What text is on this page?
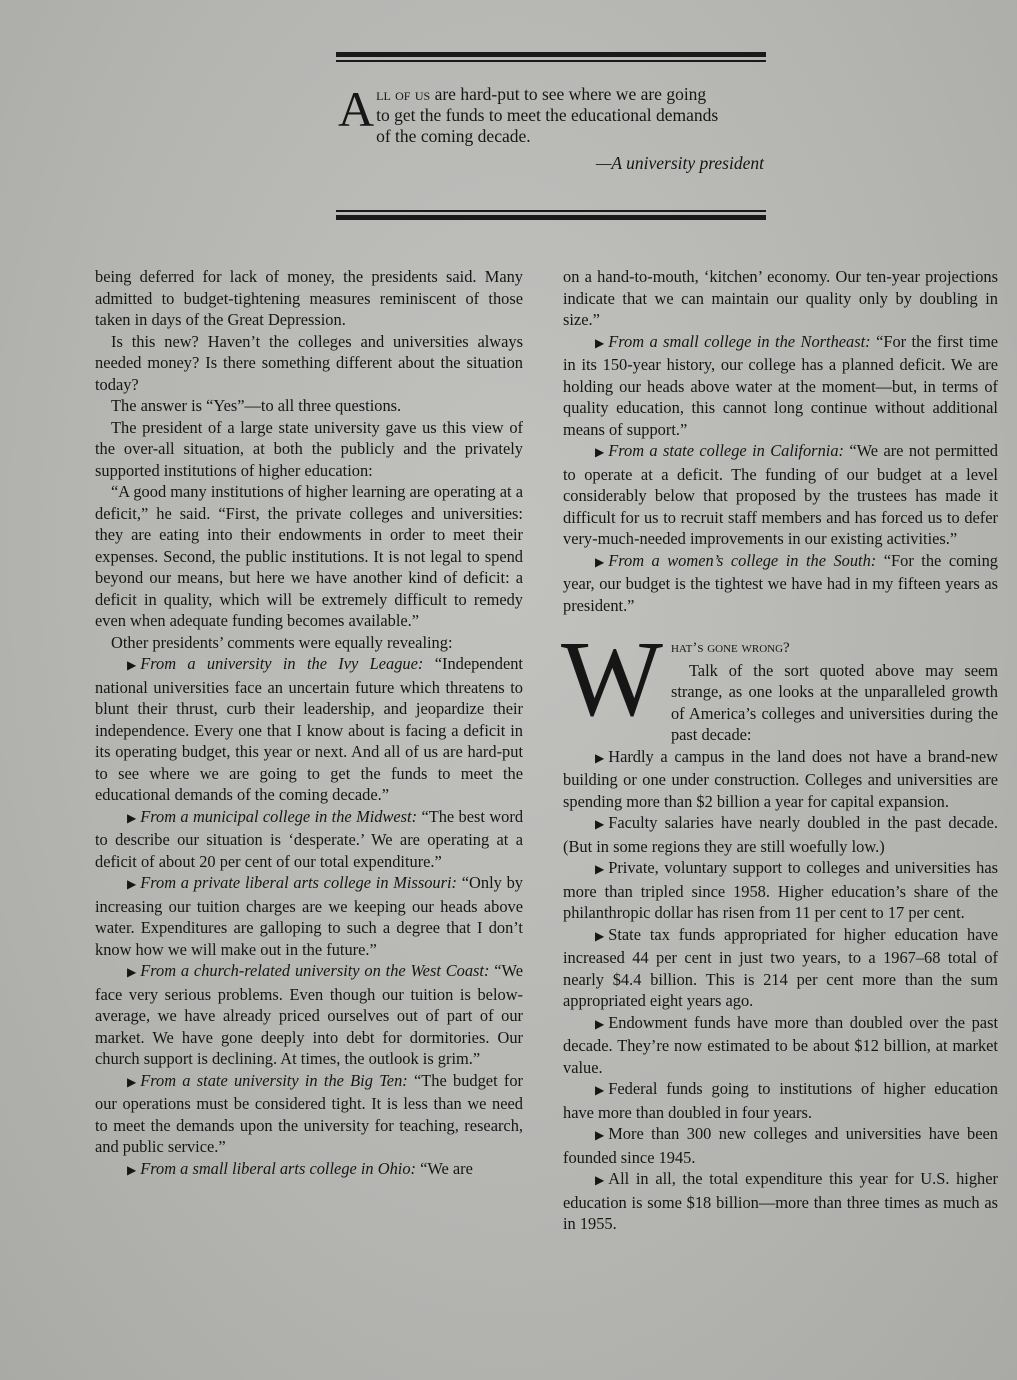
All of us are hard-put to see where we are going

to get the funds to meet the educational demands

of the coming decade.

—A university president

being deferred for lack of money, the presidents said. Many admitted to budget-tightening measures reminiscent of those taken in days of the Great Depression.

Is this new? Haven’t the colleges and universities always needed money? Is there something different about the situation today?

The answer is “Yes”—to all three questions.

The president of a large state university gave us this view of the over-all situation, at both the publicly and the privately supported institutions of higher education:

“A good many institutions of higher learning are operating at a deficit,” he said. “First, the private colleges and universities: they are eating into their endowments in order to meet their expenses. Second, the public institutions. It is not legal to spend beyond our means, but here we have another kind of deficit: a deficit in quality, which will be extremely difficult to remedy even when adequate funding becomes available.”

Other presidents’ comments were equally revealing:

▶ From a university in the Ivy League: “Independent national universities face an uncertain future which threatens to blunt their thrust, curb their leadership, and jeopardize their independence. Every one that I know about is facing a deficit in its operating budget, this year or next. And all of us are hard-put to see where we are going to get the funds to meet the educational demands of the coming decade.”

▶ From a municipal college in the Midwest: “The best word to describe our situation is ‘desperate.’ We are operating at a deficit of about 20 per cent of our total expenditure.”

▶ From a private liberal arts college in Missouri: “Only by increasing our tuition charges are we keeping our heads above water. Expenditures are galloping to such a degree that I don’t know how we will make out in the future.”

▶ From a church-related university on the West Coast: “We face very serious problems. Even though our tuition is below-average, we have already priced ourselves out of part of our market. We have gone deeply into debt for dormitories. Our church support is declining. At times, the outlook is grim.”

▶ From a state university in the Big Ten: “The budget for our operations must be considered tight. It is less than we need to meet the demands upon the university for teaching, research, and public service.”

▶ From a small liberal arts college in Ohio: “We are

on a hand-to-mouth, ‘kitchen’ economy. Our ten-year projections indicate that we can maintain our quality only by doubling in size.”

▶ From a small college in the Northeast: “For the first time in its 150-year history, our college has a planned deficit. We are holding our heads above water at the moment—but, in terms of quality education, this cannot long continue without additional means of support.”

▶ From a state college in California: “We are not permitted to operate at a deficit. The funding of our budget at a level considerably below that proposed by the trustees has made it difficult for us to recruit staff members and has forced us to defer very-much-needed improvements in our existing activities.”

▶ From a women’s college in the South: “For the coming year, our budget is the tightest we have had in my fifteen years as president.”

W hat’s gone wrong?

Talk of the sort quoted above may seem strange, as one looks at the unparalleled growth of America’s colleges and universities during the past decade:

▶ Hardly a campus in the land does not have a brand-new building or one under construction. Colleges and universities are spending more than $2 billion a year for capital expansion.

▶ Faculty salaries have nearly doubled in the past decade. (But in some regions they are still woefully low.)

▶ Private, voluntary support to colleges and universities has more than tripled since 1958. Higher education’s share of the philanthropic dollar has risen from 11 per cent to 17 per cent.

▶ State tax funds appropriated for higher education have increased 44 per cent in just two years, to a 1967–68 total of nearly $4.4 billion. This is 214 per cent more than the sum appropriated eight years ago.

▶ Endowment funds have more than doubled over the past decade. They’re now estimated to be about $12 billion, at market value.

▶ Federal funds going to institutions of higher education have more than doubled in four years.

▶ More than 300 new colleges and universities have been founded since 1945.

▶ All in all, the total expenditure this year for U.S. higher education is some $18 billion—more than three times as much as in 1955.
